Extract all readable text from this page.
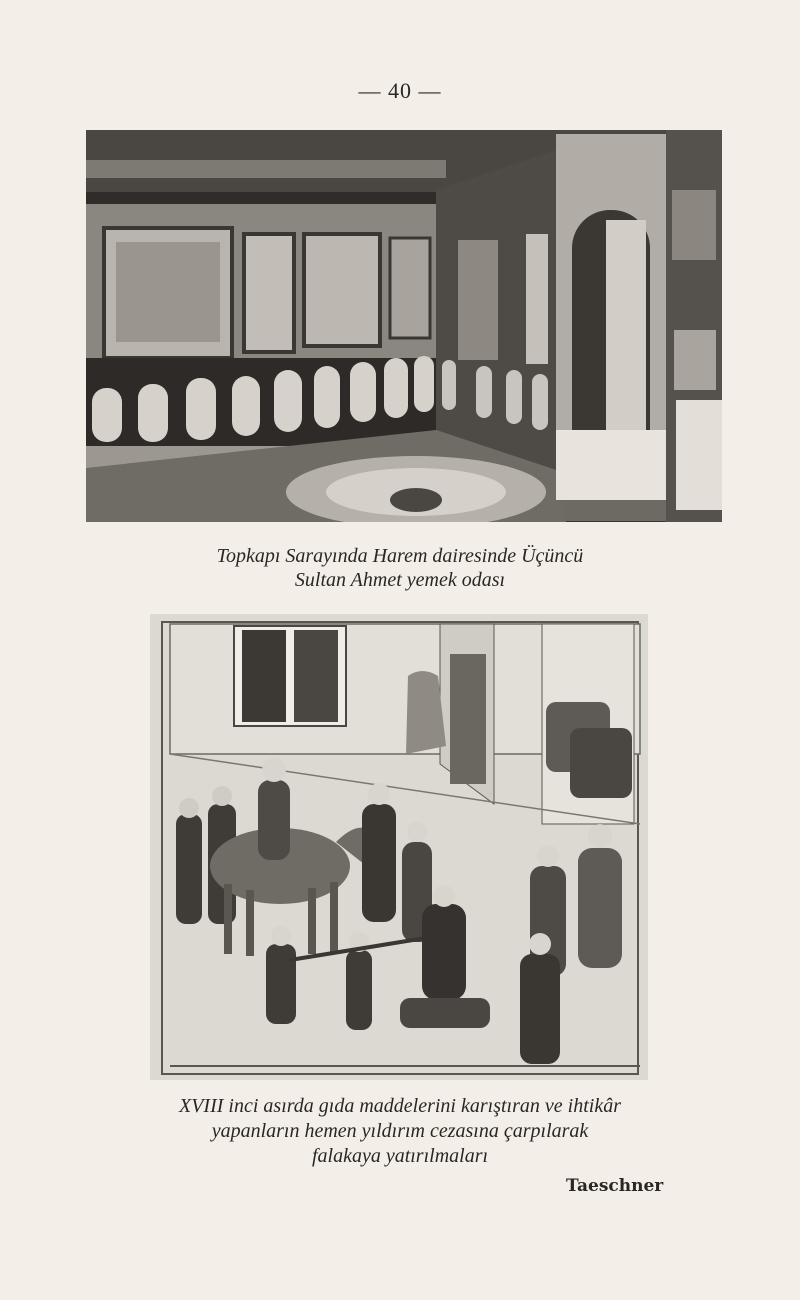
— 40 —
Topkapı Sarayında Harem dairesinde Üçüncü
Sultan Ahmet yemek odası
XVIII inci asırda gıda maddelerini karıştıran ve ihtikâr
yapanların hemen yıldırım cezasına çarpılarak
falakaya yatırılmaları
Taeschner
